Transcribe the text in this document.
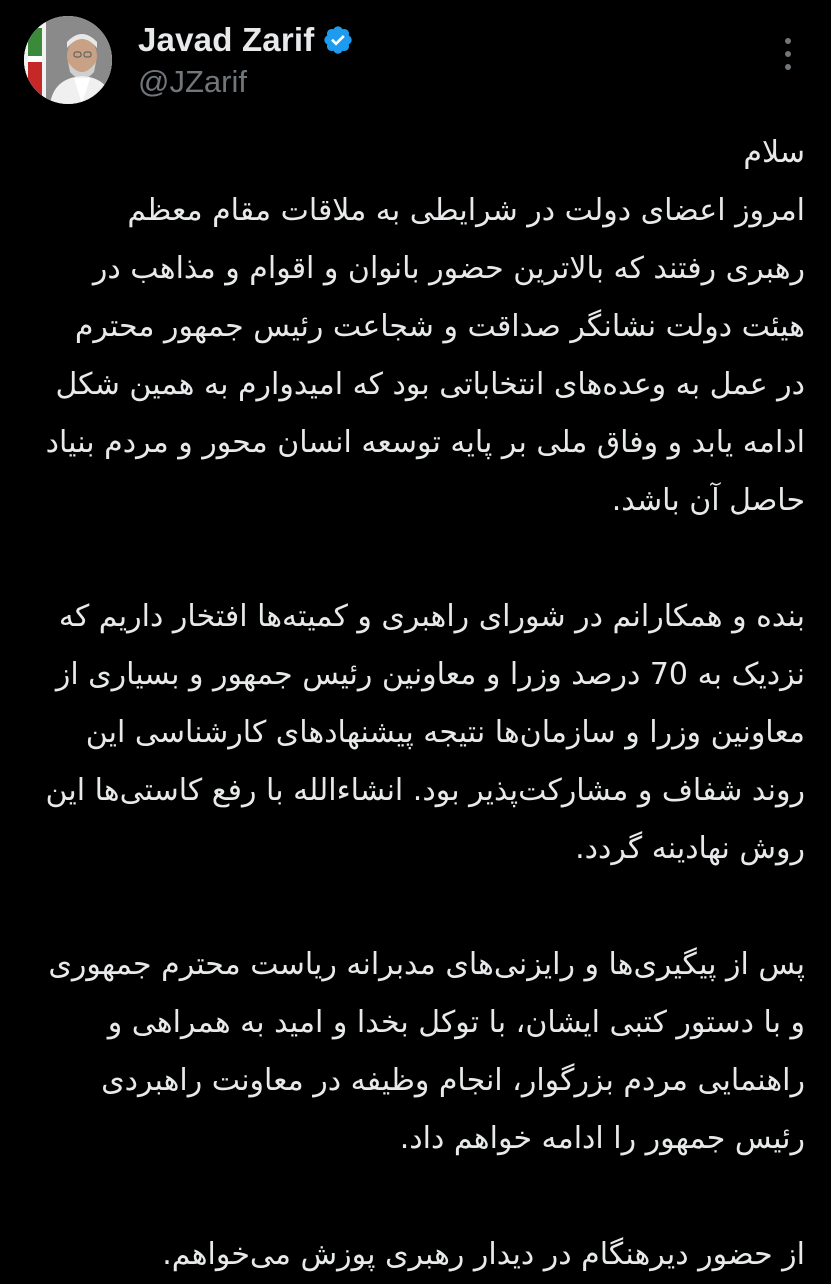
Javad Zarif
@JZarif

سلام
امروز اعضای دولت در شرایطی به ملاقات مقام معظم رهبری رفتند که بالاترین حضور بانوان و اقوام و مذاهب در هیئت دولت نشانگر صداقت و شجاعت رئیس جمهور محترم در عمل به وعده‌های انتخاباتی بود که امیدوارم به همین شکل ادامه یابد و وفاق ملی بر پایه توسعه انسان محور و مردم بنیاد حاصل آن باشد.

بنده و همکارانم در شورای راهبری و کمیته‌ها افتخار داریم که نزدیک به 70 درصد وزرا و معاونین رئیس جمهور و بسیاری از معاونین وزرا و سازمان‌ها نتیجه پیشنهادهای کارشناسی این روند شفاف و مشارکت‌پذیر بود. انشاءالله با رفع کاستی‌ها این روش نهادینه گردد.

پس از پیگیری‌ها و رایزنی‌های مدبرانه ریاست محترم جمهوری و با دستور کتبی ایشان، با توکل بخدا و امید به همراهی و راهنمایی مردم بزرگوار، انجام وظیفه در معاونت راهبردی رئیس جمهور را ادامه خواهم داد.

از حضور دیرهنگام در دیدار رهبری پوزش می‌خواهم.
